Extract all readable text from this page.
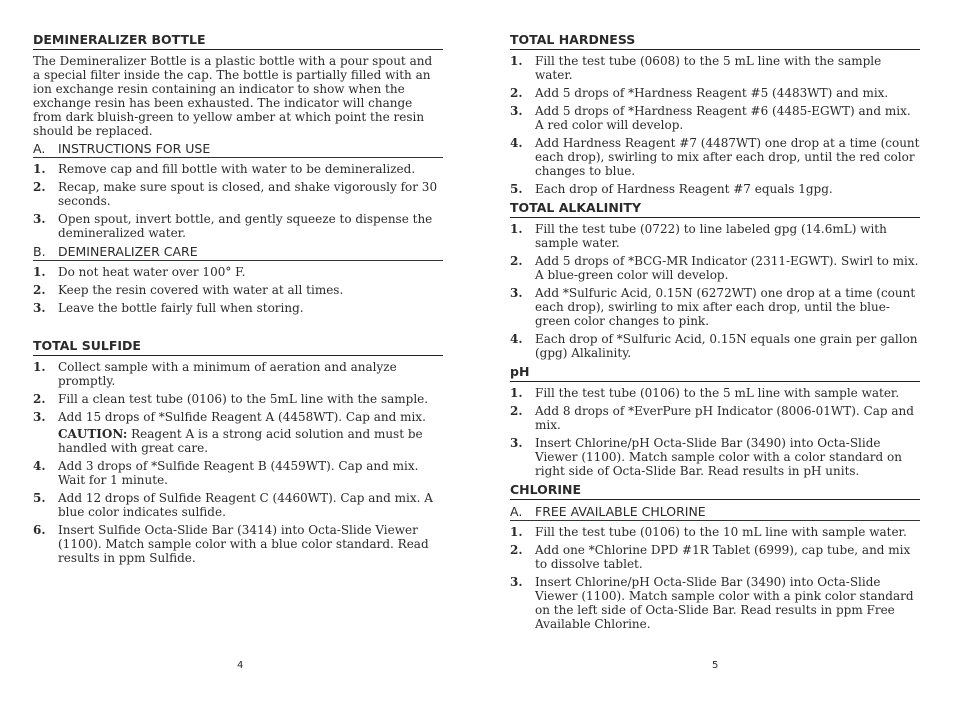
DEMINERALIZER BOTTLE

The Demineralizer Bottle is a plastic bottle with a pour spout and a special filter inside the cap. The bottle is partially filled with an ion exchange resin containing an indicator to show when the exchange resin has been exhausted. The indicator will change from dark bluish-green to yellow amber at which point the resin should be replaced.

A. INSTRUCTIONS FOR USE
1.	Remove cap and fill bottle with water to be demineralized.
2.	Recap, make sure spout is closed, and shake vigorously for 30 seconds.
3.	Open spout, invert bottle, and gently squeeze to dispense the demineralized water.
B. DEMINERALIZER CARE
1.	Do not heat water over 100° F.
2.	Keep the resin covered with water at all times.
3.	Leave the bottle fairly full when storing.
TOTAL SULFIDE
1.	Collect sample with a minimum of aeration and analyze promptly.
2.	Fill a clean test tube (0106) to the 5mL line with the sample.
3.	Add 15 drops of *Sulfide Reagent A (4458WT). Cap and mix.
CAUTION: Reagent A is a strong acid solution and must be handled with great care.
4.	Add 3 drops of *Sulfide Reagent B (4459WT). Cap and mix. Wait for 1 minute.
5.	Add 12 drops of Sulfide Reagent C (4460WT). Cap and mix. A blue color indicates sulfide.
6.	Insert Sulfide Octa-Slide Bar (3414) into Octa-Slide Viewer (1100). Match sample color with a blue color standard. Read results in ppm Sulfide.
4
TOTAL HARDNESS
1.	Fill the test tube (0608) to the 5 mL line with the sample water.
2.	Add 5 drops of *Hardness Reagent #5 (4483WT) and mix.
3.	Add 5 drops of *Hardness Reagent #6 (4485-EGWT) and mix. A red color will develop.
4.	Add Hardness Reagent #7 (4487WT) one drop at a time (count each drop), swirling to mix after each drop, until the red color changes to blue.
5.	Each drop of Hardness Reagent #7 equals 1gpg.
TOTAL ALKALINITY
1.	Fill the test tube (0722) to line labeled gpg (14.6mL) with sample water.
2.	Add 5 drops of *BCG-MR Indicator (2311-EGWT). Swirl to mix. A blue-green color will develop.
3.	Add *Sulfuric Acid, 0.15N (6272WT) one drop at a time (count each drop), swirling to mix after each drop, until the blue-green color changes to pink.
4.	Each drop of *Sulfuric Acid, 0.15N equals one grain per gallon (gpg) Alkalinity.
pH
1.	Fill the test tube (0106) to the 5 mL line with sample water.
2.	Add 8 drops of *EverPure pH Indicator (8006-01WT). Cap and mix.
3.	Insert Chlorine/pH Octa-Slide Bar (3490) into Octa-Slide Viewer (1100). Match sample color with a color standard on right side of Octa-Slide Bar. Read results in pH units.
CHLORINE
A. FREE AVAILABLE CHLORINE
1.	Fill the test tube (0106) to the 10 mL line with sample water.
2.	Add one *Chlorine DPD #1R Tablet (6999), cap tube, and mix to dissolve tablet.
3.	Insert Chlorine/pH Octa-Slide Bar (3490) into Octa-Slide Viewer (1100). Match sample color with a pink color standard on the left side of Octa-Slide Bar. Read results in ppm Free Available Chlorine.
5
